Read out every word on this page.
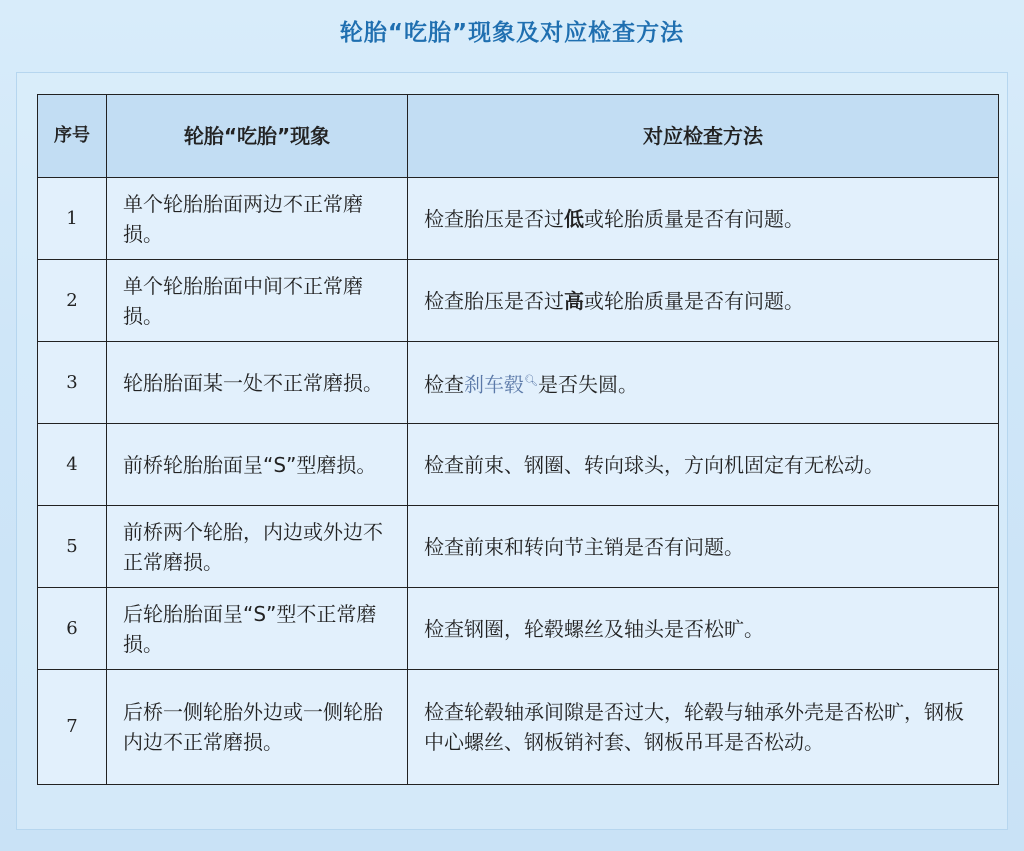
轮胎“吃胎”现象及对应检查方法
序号	轮胎“吃胎”现象	对应检查方法
1	单个轮胎胎面两边不正常磨损。	检查胎压是否过低或轮胎质量是否有问题。
2	单个轮胎胎面中间不正常磨损。	检查胎压是否过高或轮胎质量是否有问题。
3	轮胎胎面某一处不正常磨损。	检查刹车毂🔍︎是否失圆。
4	前桥轮胎胎面呈“S”型磨损。	检查前束、钢圈、转向球头，方向机固定有无松动。
5	前桥两个轮胎，内边或外边不正常磨损。	检查前束和转向节主销是否有问题。
6	后轮胎胎面呈“S”型不正常磨损。	检查钢圈，轮毂螺丝及轴头是否松旷。
7	后桥一侧轮胎外边或一侧轮胎内边不正常磨损。	检查轮毂轴承间隙是否过大，轮毂与轴承外壳是否松旷，钢板中心螺丝、钢板销衬套、钢板吊耳是否松动。
